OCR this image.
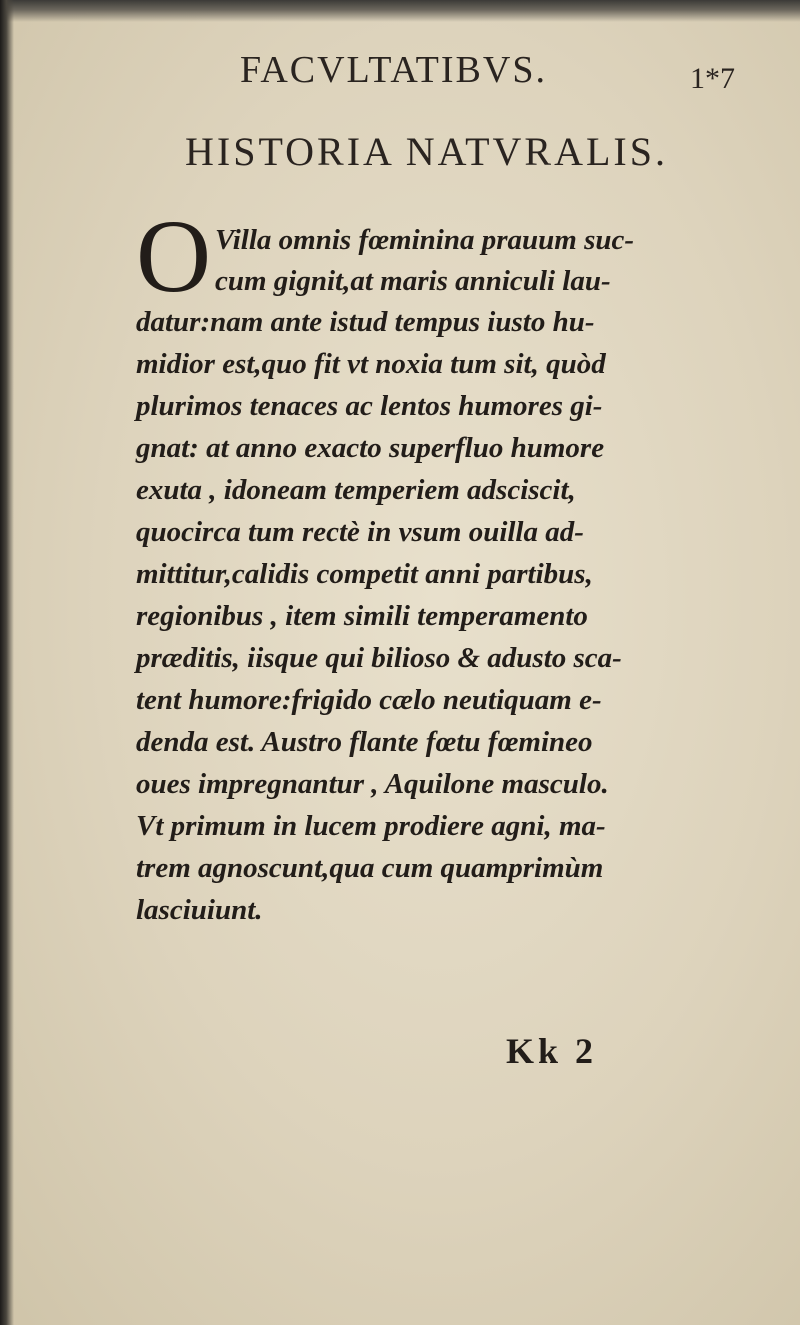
FACVLTATIBVS.	1*7
HISTORIA NATVRALIS.
O Villa omnis fœminina prauum suc-
cum gignit,at maris anniculi lau-
datur:nam ante istud tempus iusto hu-
midior est,quo fit vt noxia tum sit, quòd
plurimos tenaces ac lentos humores gi-
gnat: at anno exacto superfluo humore
exuta , idoneam temperiem adsciscit,
quocirca tum rectè in vsum ouilla ad-
mittitur,calidis competit anni partibus,
regionibus , item simili temperamento
præditis, iisque qui bilioso & adusto sca-
tent humore:frigido cælo neutiquam e-
denda est. Austro flante fœtu fœmineo
oues impregnantur , Aquilone masculo.
Vt primum in lucem prodiere agni, ma-
trem agnoscunt,qua cum quamprimùm
lasciuiunt.
Kk 2
